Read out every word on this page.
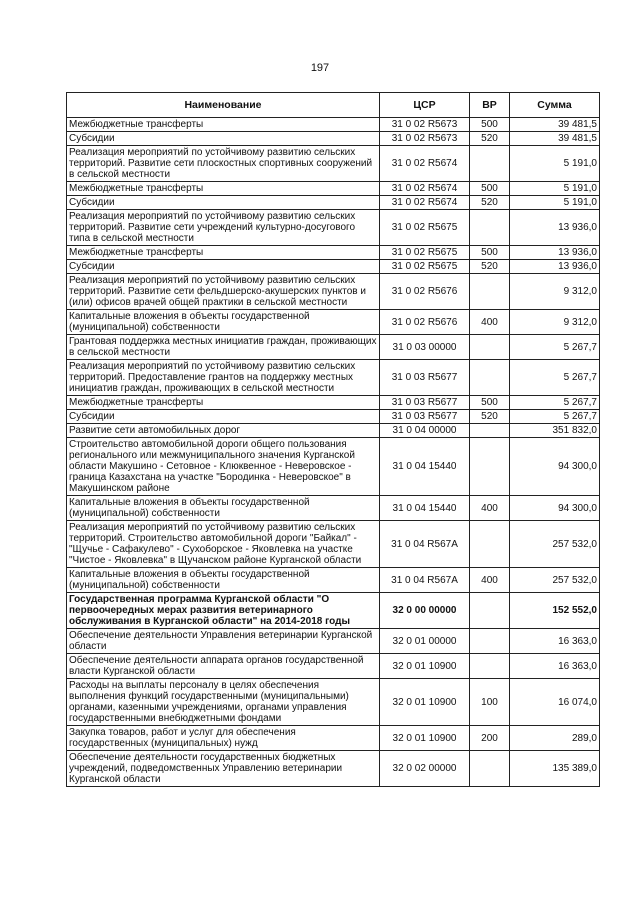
197
Наименование	ЦСР	ВР	Сумма
Межбюджетные трансферты	31 0 02 R5673	500	39 481,5
Субсидии	31 0 02 R5673	520	39 481,5
Реализация мероприятий по устойчивому развитию сельских территорий. Развитие сети плоскостных спортивных сооружений в сельской местности	31 0 02 R5674		5 191,0
Межбюджетные трансферты	31 0 02 R5674	500	5 191,0
Субсидии	31 0 02 R5674	520	5 191,0
Реализация мероприятий по устойчивому развитию сельских территорий. Развитие сети учреждений культурно-досугового типа в сельской местности	31 0 02 R5675		13 936,0
Межбюджетные трансферты	31 0 02 R5675	500	13 936,0
Субсидии	31 0 02 R5675	520	13 936,0
Реализация мероприятий по устойчивому развитию сельских территорий. Развитие сети фельдшерско-акушерских пунктов и (или) офисов врачей общей практики в сельской местности	31 0 02 R5676		9 312,0
Капитальные вложения в объекты государственной (муниципальной) собственности	31 0 02 R5676	400	9 312,0
Грантовая поддержка местных инициатив граждан, проживающих в сельской местности	31 0 03 00000		5 267,7
Реализация мероприятий по устойчивому развитию сельских территорий. Предоставление грантов на поддержку местных инициатив граждан, проживающих в сельской местности	31 0 03 R5677		5 267,7
Межбюджетные трансферты	31 0 03 R5677	500	5 267,7
Субсидии	31 0 03 R5677	520	5 267,7
Развитие сети автомобильных дорог	31 0 04 00000		351 832,0
Строительство автомобильной дороги общего пользования регионального или межмуниципального значения Курганской области Макушино - Сетовное - Клюквенное - Неверовское - граница Казахстана на участке "Бородинка - Неверовское" в Макушинском районе	31 0 04 15440		94 300,0
Капитальные вложения в объекты государственной (муниципальной) собственности	31 0 04 15440	400	94 300,0
Реализация мероприятий по устойчивому развитию сельских территорий. Строительство автомобильной дороги "Байкал" - "Щучье - Сафакулево" - Сухоборское - Яковлевка на участке "Чистое - Яковлевка" в Щучанском районе Курганской области	31 0 04 R567A		257 532,0
Капитальные вложения в объекты государственной (муниципальной) собственности	31 0 04 R567A	400	257 532,0
Государственная программа Курганской области "О первоочередных мерах развития ветеринарного обслуживания в Курганской области" на 2014-2018 годы	32 0 00 00000		152 552,0
Обеспечение деятельности Управления ветеринарии Курганской области	32 0 01 00000		16 363,0
Обеспечение деятельности аппарата органов государственной власти Курганской области	32 0 01 10900		16 363,0
Расходы на выплаты персоналу в целях обеспечения выполнения функций государственными (муниципальными) органами, казенными учреждениями, органами управления государственными внебюджетными фондами	32 0 01 10900	100	16 074,0
Закупка товаров, работ и услуг для обеспечения государственных (муниципальных) нужд	32 0 01 10900	200	289,0
Обеспечение деятельности государственных бюджетных учреждений, подведомственных Управлению ветеринарии Курганской области	32 0 02 00000		135 389,0
